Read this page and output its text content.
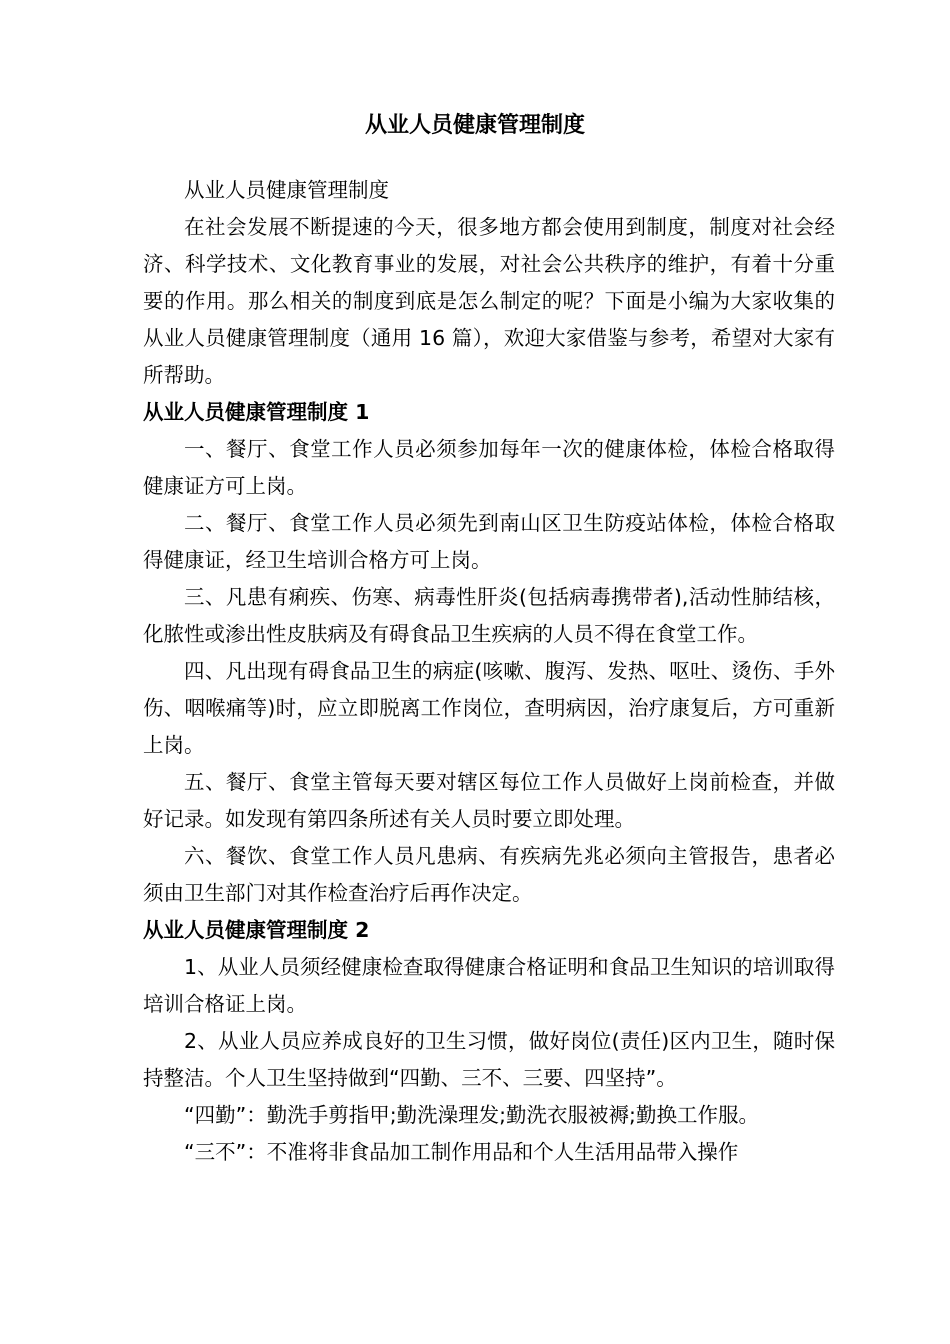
从业人员健康管理制度

从业人员健康管理制度

在社会发展不断提速的今天，很多地方都会使用到制度，制度对社会经济、科学技术、文化教育事业的发展，对社会公共秩序的维护，有着十分重要的作用。那么相关的制度到底是怎么制定的呢？下面是小编为大家收集的从业人员健康管理制度（通用 16 篇），欢迎大家借鉴与参考，希望对大家有所帮助。

从业人员健康管理制度 1

一、餐厅、食堂工作人员必须参加每年一次的健康体检，体检合格取得健康证方可上岗。

二、餐厅、食堂工作人员必须先到南山区卫生防疫站体检，体检合格取得健康证，经卫生培训合格方可上岗。

三、凡患有痢疾、伤寒、病毒性肝炎(包括病毒携带者),活动性肺结核，化脓性或渗出性皮肤病及有碍食品卫生疾病的人员不得在食堂工作。

四、凡出现有碍食品卫生的病症(咳嗽、腹泻、发热、呕吐、烫伤、手外伤、咽喉痛等)时，应立即脱离工作岗位，查明病因，治疗康复后，方可重新上岗。

五、餐厅、食堂主管每天要对辖区每位工作人员做好上岗前检查，并做好记录。如发现有第四条所述有关人员时要立即处理。

六、餐饮、食堂工作人员凡患病、有疾病先兆必须向主管报告，患者必须由卫生部门对其作检查治疗后再作决定。

从业人员健康管理制度 2

1、从业人员须经健康检查取得健康合格证明和食品卫生知识的培训取得培训合格证上岗。

2、从业人员应养成良好的卫生习惯，做好岗位(责任)区内卫生，随时保持整洁。个人卫生坚持做到“四勤、三不、三要、四坚持”。

“四勤”：勤洗手剪指甲;勤洗澡理发;勤洗衣服被褥;勤换工作服。

“三不”：不准将非食品加工制作用品和个人生活用品带入操作
